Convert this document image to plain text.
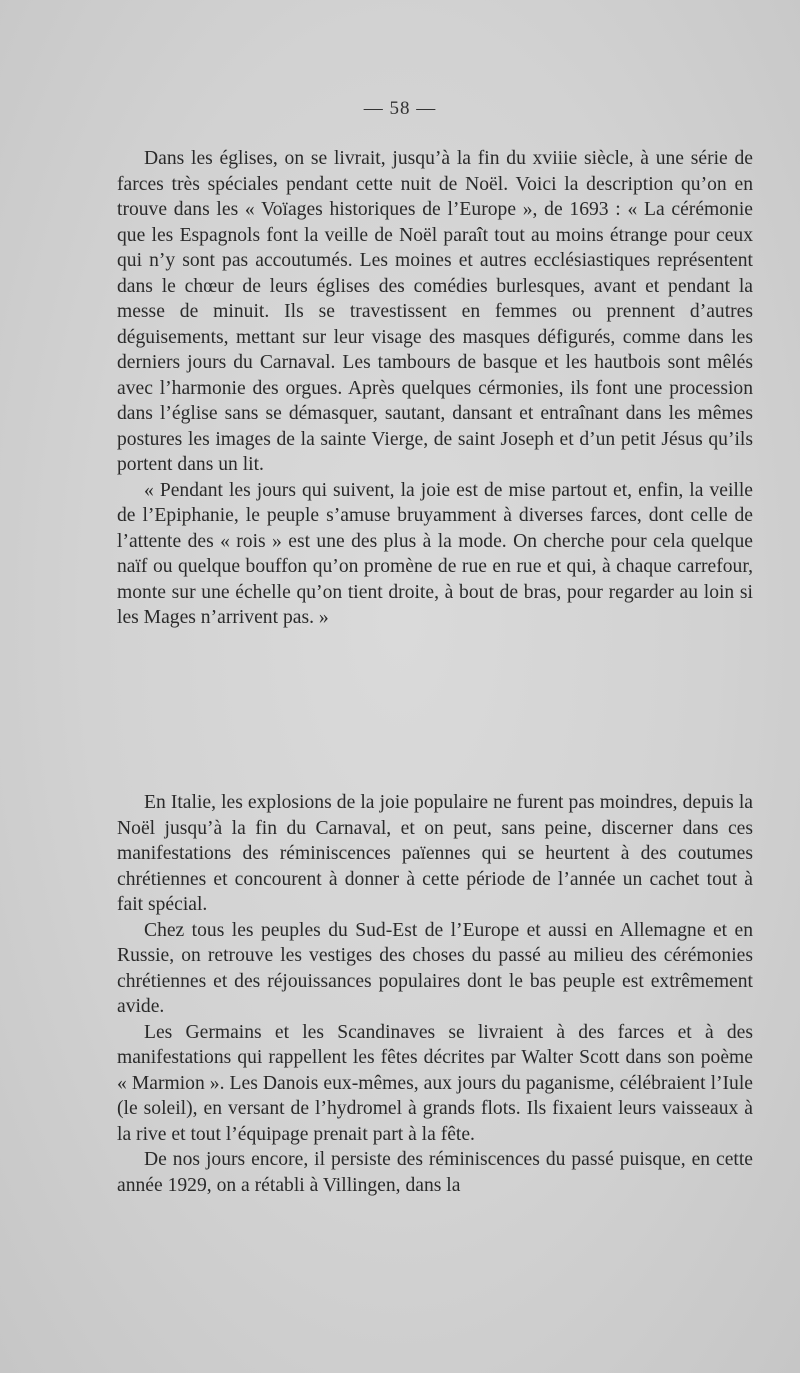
— 58 —

Dans les églises, on se livrait, jusqu’à la fin du xviiie siècle, à une série de farces très spéciales pendant cette nuit de Noël. Voici la description qu’on en trouve dans les « Voïages historiques de l’Europe », de 1693 : « La cérémonie que les Espagnols font la veille de Noël paraît tout au moins étrange pour ceux qui n’y sont pas accoutumés. Les moines et autres ecclésiastiques représentent dans le chœur de leurs églises des comédies burlesques, avant et pendant la messe de minuit. Ils se travestissent en femmes ou prennent d’autres déguisements, mettant sur leur visage des masques défigurés, comme dans les derniers jours du Carnaval. Les tambours de basque et les hautbois sont mêlés avec l’harmonie des orgues. Après quelques cérmonies, ils font une procession dans l’église sans se démasquer, sautant, dansant et entraînant dans les mêmes postures les images de la sainte Vierge, de saint Joseph et d’un petit Jésus qu’ils portent dans un lit.

« Pendant les jours qui suivent, la joie est de mise partout et, enfin, la veille de l’Epiphanie, le peuple s’amuse bruyamment à diverses farces, dont celle de l’attente des « rois » est une des plus à la mode. On cherche pour cela quelque naïf ou quelque bouffon qu’on promène de rue en rue et qui, à chaque carrefour, monte sur une échelle qu’on tient droite, à bout de bras, pour regarder au loin si les Mages n’arrivent pas. »

En Italie, les explosions de la joie populaire ne furent pas moindres, depuis la Noël jusqu’à la fin du Carnaval, et on peut, sans peine, discerner dans ces manifestations des réminiscences païennes qui se heurtent à des coutumes chrétiennes et concourent à donner à cette période de l’année un cachet tout à fait spécial.

Chez tous les peuples du Sud-Est de l’Europe et aussi en Allemagne et en Russie, on retrouve les vestiges des choses du passé au milieu des cérémonies chrétiennes et des réjouissances populaires dont le bas peuple est extrêmement avide.

Les Germains et les Scandinaves se livraient à des farces et à des manifestations qui rappellent les fêtes décrites par Walter Scott dans son poème « Marmion ». Les Danois eux-mêmes, aux jours du paganisme, célébraient l’Iule (le soleil), en versant de l’hydromel à grands flots. Ils fixaient leurs vaisseaux à la rive et tout l’équipage prenait part à la fête.

De nos jours encore, il persiste des réminiscences du passé puisque, en cette année 1929, on a rétabli à Villingen, dans la
